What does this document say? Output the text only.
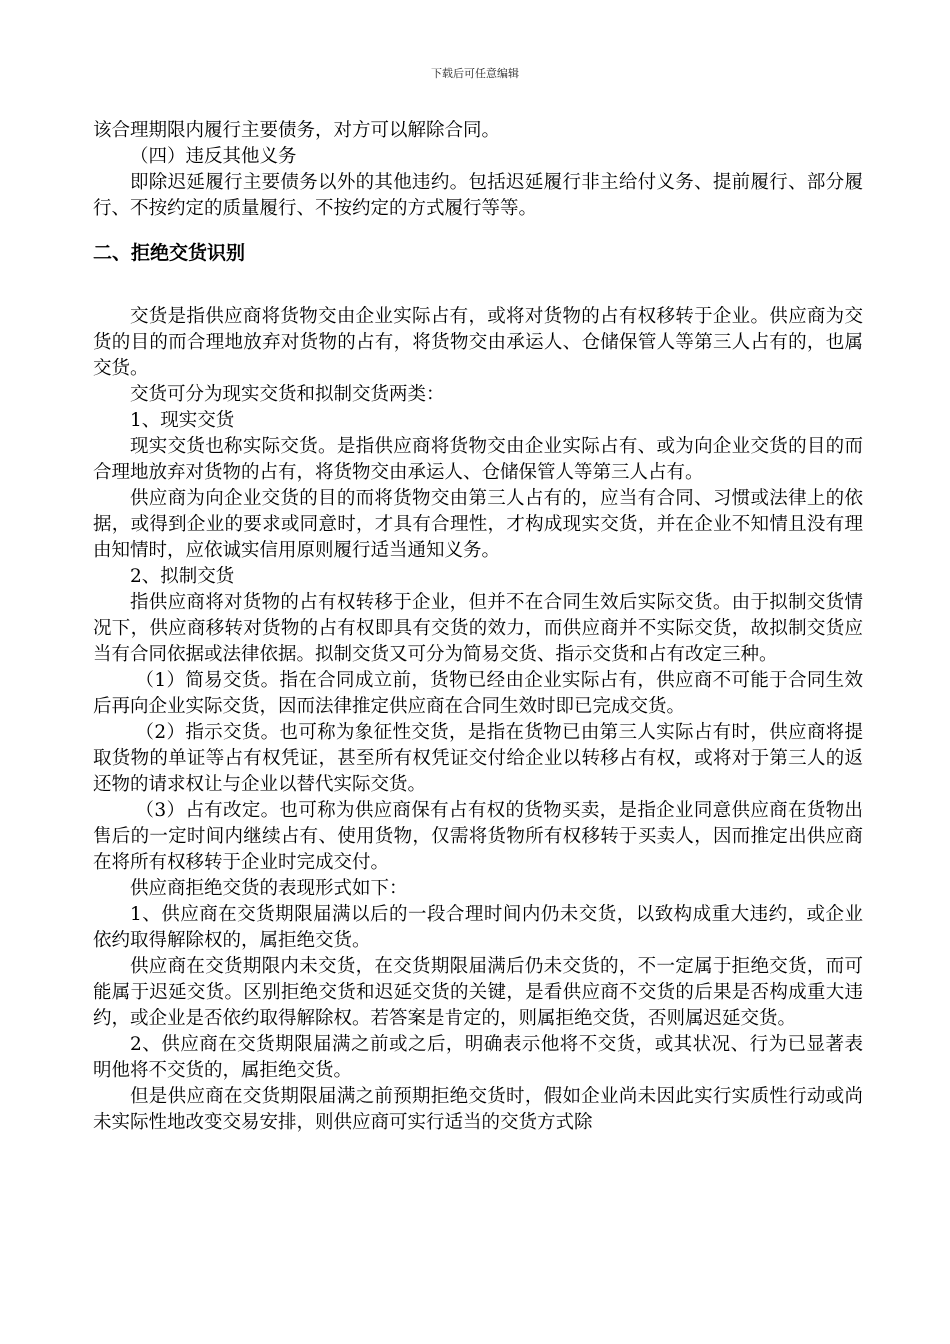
下载后可任意编辑

该合理期限内履行主要债务，对方可以解除合同。

（四）违反其他义务

即除迟延履行主要债务以外的其他违约。包括迟延履行非主给付义务、提前履行、部分履行、不按约定的质量履行、不按约定的方式履行等等。

二、拒绝交货识别

交货是指供应商将货物交由企业实际占有，或将对货物的占有权移转于企业。供应商为交货的目的而合理地放弃对货物的占有，将货物交由承运人、仓储保管人等第三人占有的，也属交货。

交货可分为现实交货和拟制交货两类：

1、现实交货

现实交货也称实际交货。是指供应商将货物交由企业实际占有、或为向企业交货的目的而合理地放弃对货物的占有，将货物交由承运人、仓储保管人等第三人占有。

供应商为向企业交货的目的而将货物交由第三人占有的，应当有合同、习惯或法律上的依据，或得到企业的要求或同意时，才具有合理性，才构成现实交货，并在企业不知情且没有理由知情时，应依诚实信用原则履行适当通知义务。

2、拟制交货

指供应商将对货物的占有权转移于企业，但并不在合同生效后实际交货。由于拟制交货情况下，供应商移转对货物的占有权即具有交货的效力，而供应商并不实际交货，故拟制交货应当有合同依据或法律依据。拟制交货又可分为简易交货、指示交货和占有改定三种。

（1）简易交货。指在合同成立前，货物已经由企业实际占有，供应商不可能于合同生效后再向企业实际交货，因而法律推定供应商在合同生效时即已完成交货。

（2）指示交货。也可称为象征性交货，是指在货物已由第三人实际占有时，供应商将提取货物的单证等占有权凭证，甚至所有权凭证交付给企业以转移占有权，或将对于第三人的返还物的请求权让与企业以替代实际交货。

（3）占有改定。也可称为供应商保有占有权的货物买卖，是指企业同意供应商在货物出售后的一定时间内继续占有、使用货物，仅需将货物所有权移转于买卖人，因而推定出供应商在将所有权移转于企业时完成交付。

供应商拒绝交货的表现形式如下：

1、供应商在交货期限届满以后的一段合理时间内仍未交货，以致构成重大违约，或企业依约取得解除权的，属拒绝交货。

供应商在交货期限内未交货，在交货期限届满后仍未交货的，不一定属于拒绝交货，而可能属于迟延交货。区别拒绝交货和迟延交货的关键，是看供应商不交货的后果是否构成重大违约，或企业是否依约取得解除权。若答案是肯定的，则属拒绝交货，否则属迟延交货。

2、供应商在交货期限届满之前或之后，明确表示他将不交货，或其状况、行为已显著表明他将不交货的，属拒绝交货。

但是供应商在交货期限届满之前预期拒绝交货时，假如企业尚未因此实行实质性行动或尚未实际性地改变交易安排，则供应商可实行适当的交货方式除
